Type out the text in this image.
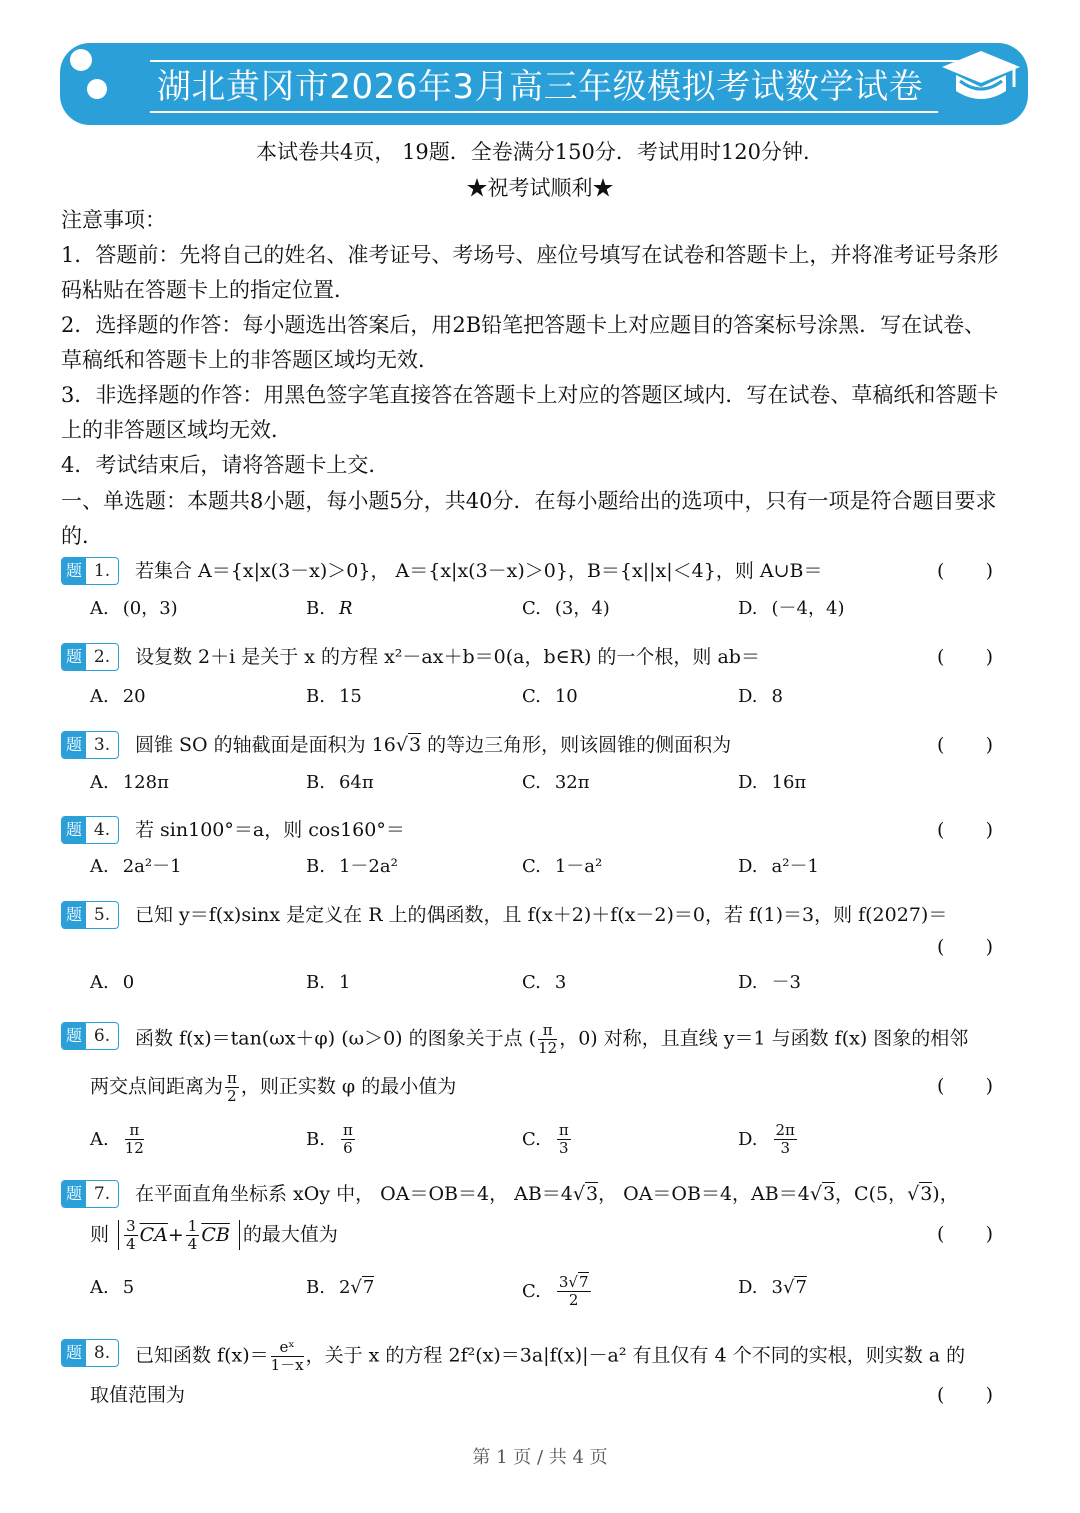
湖北黄冈市2026年3月高三年级模拟考试数学试卷
本试卷共4页， 19题．全卷满分150分．考试用时120分钟．
★祝考试顺利★
注意事项：
1．答题前：先将自己的姓名、准考证号、考场号、座位号填写在试卷和答题卡上，并将准考证号条形码粘贴在答题卡上的指定位置．
2．选择题的作答：每小题选出答案后，用2B铅笔把答题卡上对应题目的答案标号涂黑．写在试卷、草稿纸和答题卡上的非答题区域均无效．
3．非选择题的作答：用黑色签字笔直接答在答题卡上对应的答题区域内．写在试卷、草稿纸和答题卡上的非答题区域均无效．
4．考试结束后，请将答题卡上交．
一、单选题：本题共8小题，每小题5分，共40分．在每小题给出的选项中，只有一项是符合题目要求的．
题 1.	若集合 A＝{x|x(3－x)＞0}， A＝{x|x(3－x)＞0}，B＝{x||x|＜4}，则 A∪B＝	( )
A. (0，3)	B. R	C. (3，4)	D. (－4，4)
题 2.	设复数 2＋i 是关于 x 的方程 x²－ax＋b＝0(a，b∈R) 的一个根，则 ab＝	( )
A. 20	B. 15	C. 10	D. 8
题 3.	圆锥 SO 的轴截面是面积为 16√3 的等边三角形，则该圆锥的侧面积为	( )
A. 128π	B. 64π	C. 32π	D. 16π
题 4.	若 sin100°＝a，则 cos160°＝	( )
A. 2a²－1	B. 1－2a²	C. 1－a²	D. a²－1
题 5.	已知 y＝f(x)sinx 是定义在 R 上的偶函数，且 f(x＋2)＋f(x－2)＝0，若 f(1)＝3，则 f(2027)＝
( )
A. 0	B. 1	C. 3	D. －3
题 6.	函数 f(x)＝tan(ωx＋φ) (ω＞0) 的图象关于点 ( $\frac{\pi}{12}$ ，0) 对称，且直线 y＝1 与函数 f(x) 图象的相邻
两交点间距离为 $\frac{\pi}{2}$ ，则正实数 φ 的最小值为	( )
A. $\frac{\pi}{12}$	B. $\frac{\pi}{6}$	C. $\frac{\pi}{3}$	D. $\frac{2\pi}{3}$
题 7.	在平面直角坐标系 xOy 中， OA＝OB＝4， AB＝4√3， OA＝OB＝4，AB＝4√3，C(5，√3)，
则 $\frac{3}{4} \overline{CA}+ \frac{1}{4} \overline{CB}$ 的最大值为	( )
A. 5	B. 2√7	C. $\frac{3√7}{2}$	D. 3√7
题 8.	已知函数 $f(x)= \frac{\text{eˣ}}{1-x}$ ，关于 x 的方程 2f²(x)＝3a|f(x)|－a² 有且仅有 4 个不同的实根，则实数 a 的
取值范围为	( )
第 1 页 / 共 4 页
